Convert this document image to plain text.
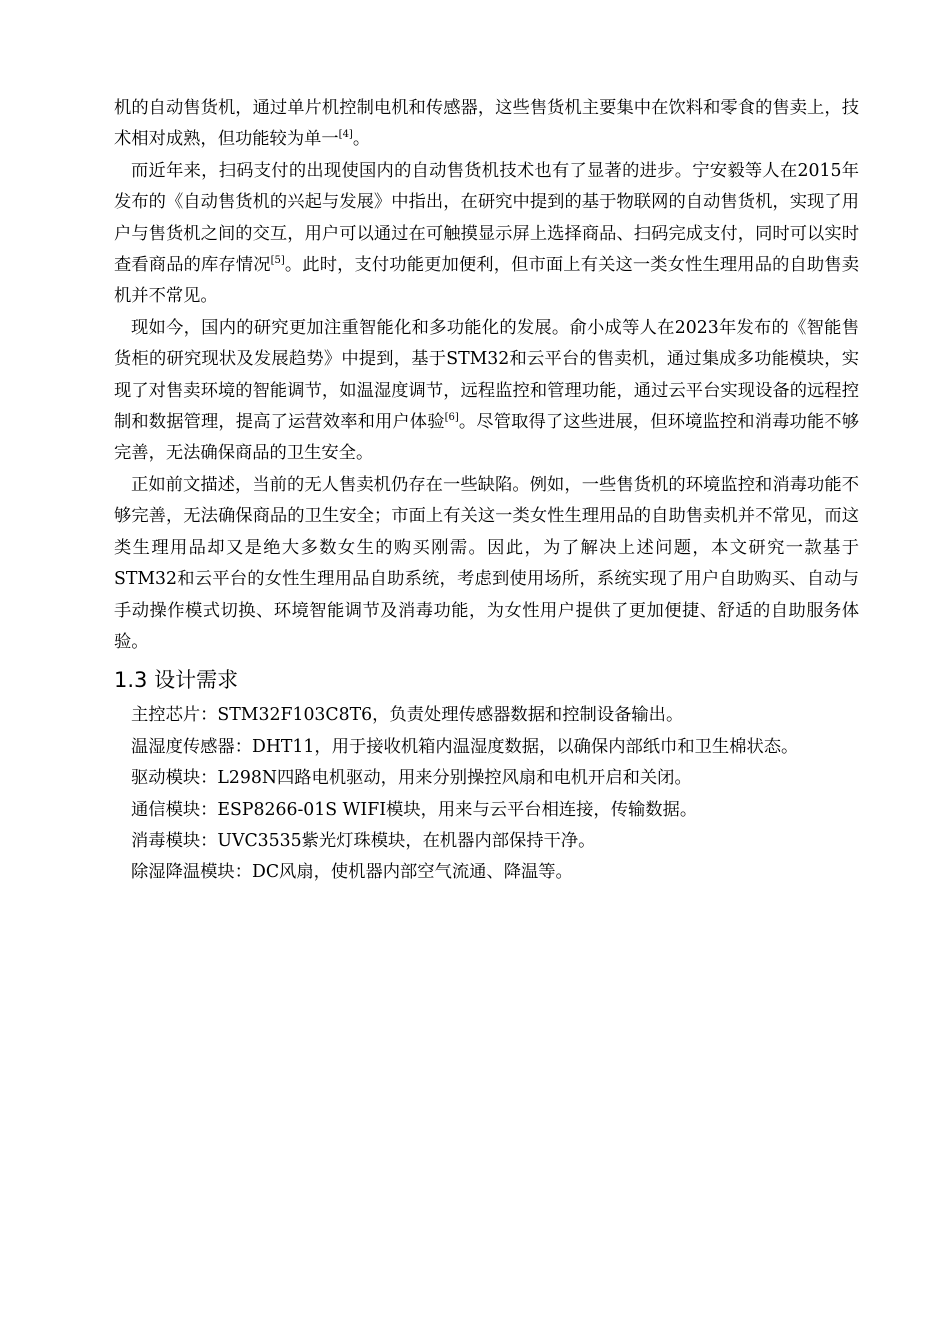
机的自动售货机，通过单片机控制电机和传感器，这些售货机主要集中在饮料和零食的售卖上，技术相对成熟，但功能较为单一[4]。

而近年来，扫码支付的出现使国内的自动售货机技术也有了显著的进步。宁安毅等人在2015年发布的《自动售货机的兴起与发展》中指出，在研究中提到的基于物联网的自动售货机，实现了用户与售货机之间的交互，用户可以通过在可触摸显示屏上选择商品、扫码完成支付，同时可以实时查看商品的库存情况[5]。此时，支付功能更加便利，但市面上有关这一类女性生理用品的自助售卖机并不常见。

现如今，国内的研究更加注重智能化和多功能化的发展。俞小成等人在2023年发布的《智能售货柜的研究现状及发展趋势》中提到，基于STM32和云平台的售卖机，通过集成多功能模块，实现了对售卖环境的智能调节，如温湿度调节，远程监控和管理功能，通过云平台实现设备的远程控制和数据管理，提高了运营效率和用户体验[6]。尽管取得了这些进展，但环境监控和消毒功能不够完善，无法确保商品的卫生安全。

正如前文描述，当前的无人售卖机仍存在一些缺陷。例如，一些售货机的环境监控和消毒功能不够完善，无法确保商品的卫生安全；市面上有关这一类女性生理用品的自助售卖机并不常见，而这类生理用品却又是绝大多数女生的购买刚需。因此，为了解决上述问题，本文研究一款基于STM32和云平台的女性生理用品自助系统，考虑到使用场所，系统实现了用户自助购买、自动与手动操作模式切换、环境智能调节及消毒功能，为女性用户提供了更加便捷、舒适的自助服务体验。

1.3 设计需求
主控芯片：STM32F103C8T6，负责处理传感器数据和控制设备输出。
温湿度传感器：DHT11，用于接收机箱内温湿度数据，以确保内部纸巾和卫生棉状态。
驱动模块：L298N四路电机驱动，用来分别操控风扇和电机开启和关闭。
通信模块：ESP8266-01S WIFI模块，用来与云平台相连接，传输数据。
消毒模块：UVC3535紫光灯珠模块，在机器内部保持干净。
除湿降温模块：DC风扇，使机器内部空气流通、降温等。
